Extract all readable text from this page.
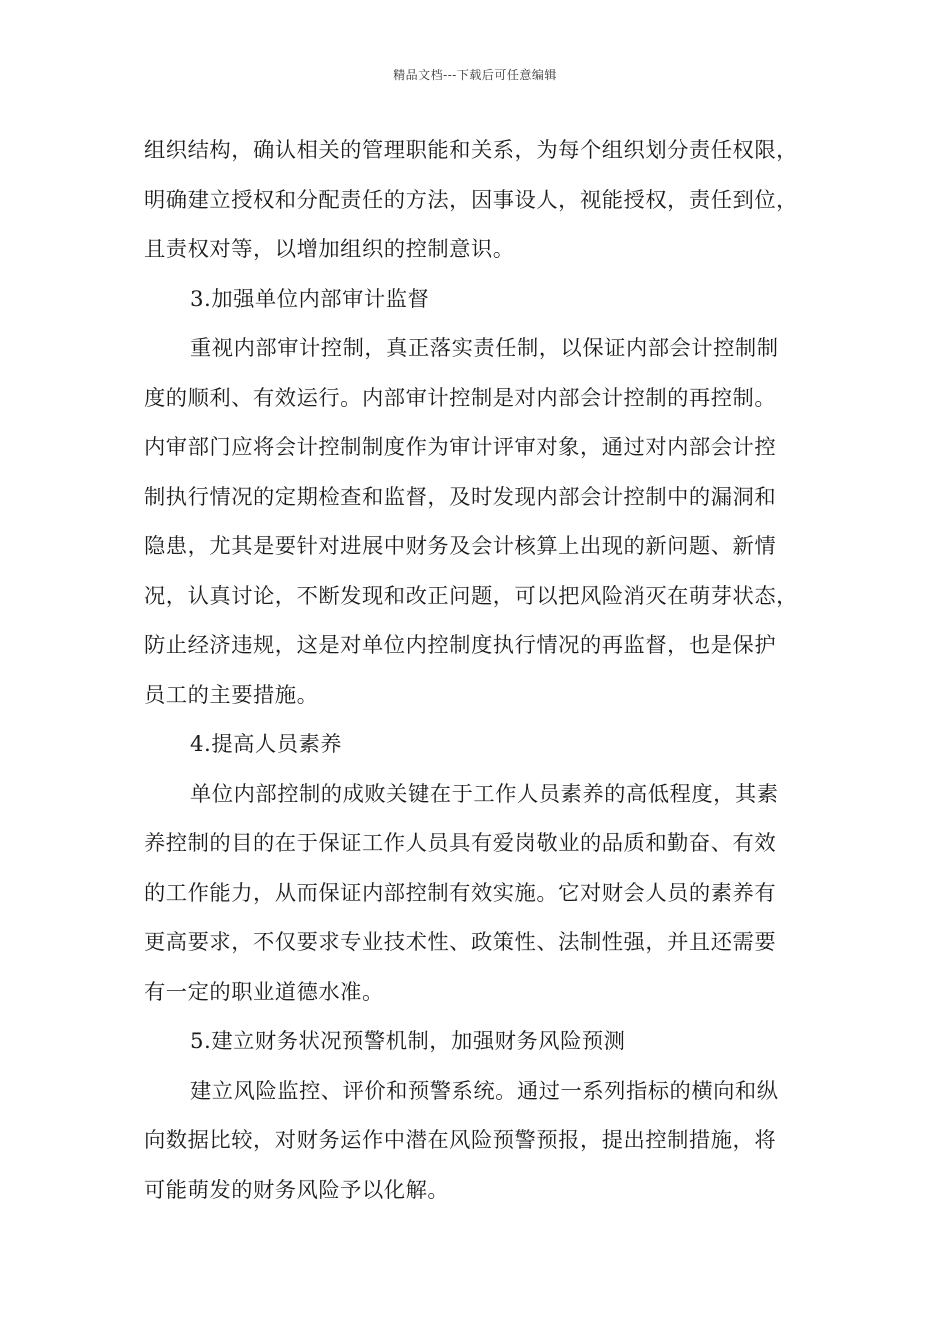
精品文档---下载后可任意编辑
组织结构，确认相关的管理职能和关系，为每个组织划分责任权限，
明确建立授权和分配责任的方法，因事设人，视能授权，责任到位，
且责权对等，以增加组织的控制意识。
3.加强单位内部审计监督
重视内部审计控制，真正落实责任制，以保证内部会计控制制
度的顺利、有效运行。内部审计控制是对内部会计控制的再控制。
内审部门应将会计控制制度作为审计评审对象，通过对内部会计控
制执行情况的定期检查和监督，及时发现内部会计控制中的漏洞和
隐患，尤其是要针对进展中财务及会计核算上出现的新问题、新情
况，认真讨论，不断发现和改正问题，可以把风险消灭在萌芽状态，
防止经济违规，这是对单位内控制度执行情况的再监督，也是保护
员工的主要措施。
4.提高人员素养
单位内部控制的成败关键在于工作人员素养的高低程度，其素
养控制的目的在于保证工作人员具有爱岗敬业的品质和勤奋、有效
的工作能力，从而保证内部控制有效实施。它对财会人员的素养有
更高要求，不仅要求专业技术性、政策性、法制性强，并且还需要
有一定的职业道德水准。
5.建立财务状况预警机制，加强财务风险预测
建立风险监控、评价和预警系统。通过一系列指标的横向和纵
向数据比较，对财务运作中潜在风险预警预报，提出控制措施，将
可能萌发的财务风险予以化解。
